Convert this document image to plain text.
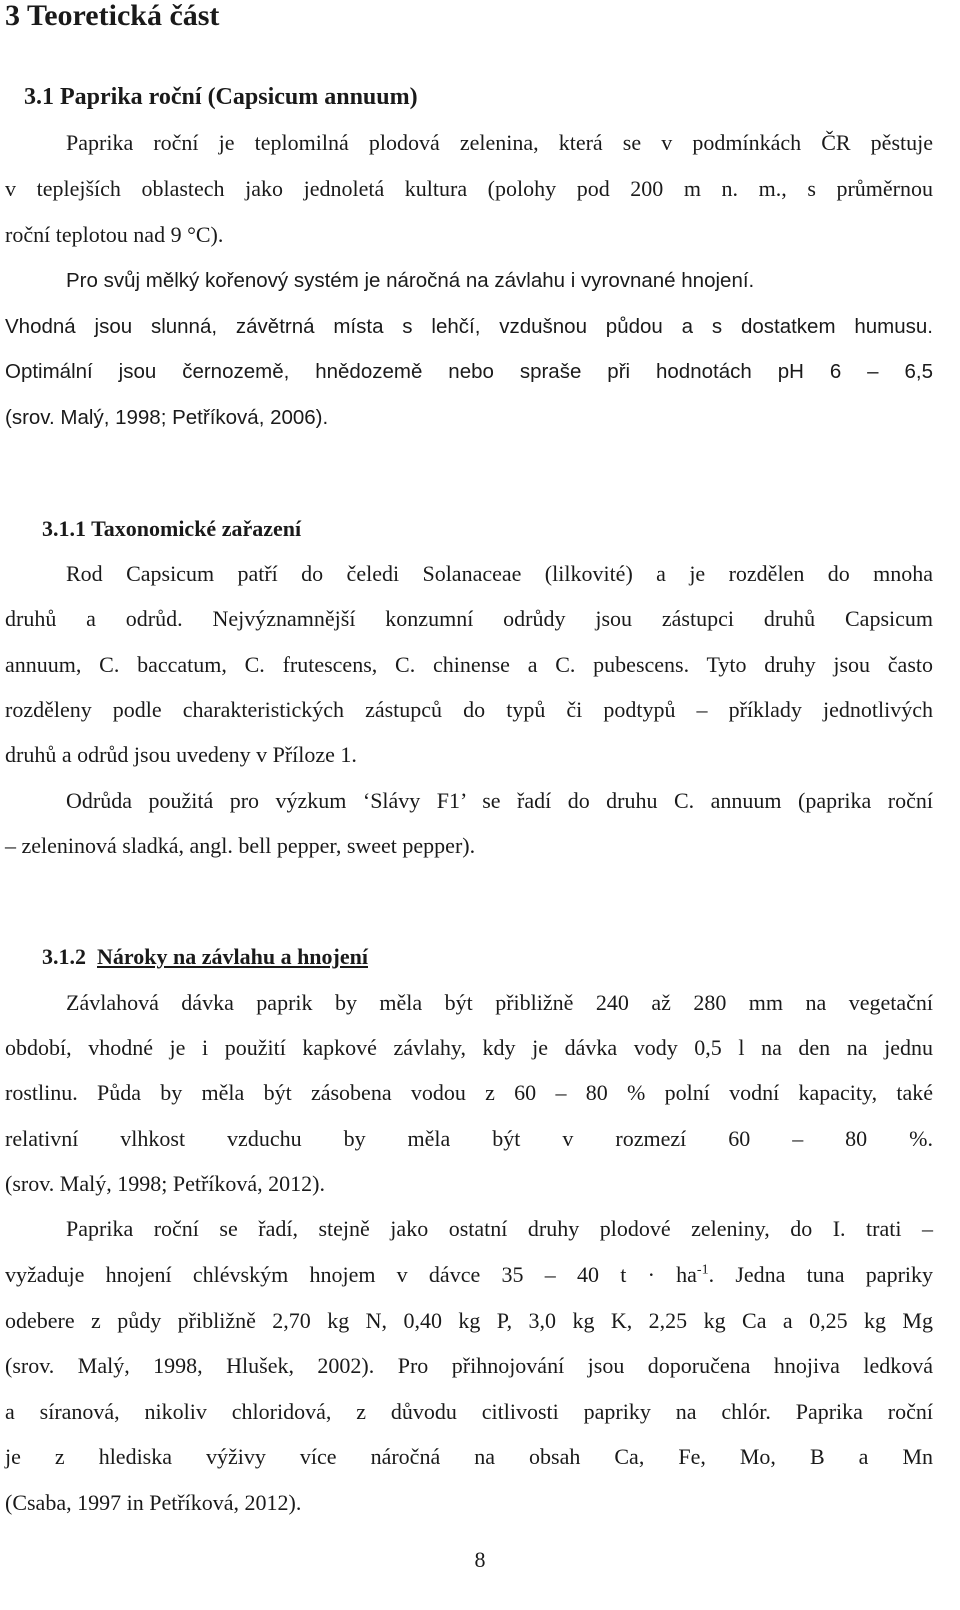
3 Teoretická část
3.1 Paprika roční (Capsicum annuum)
Paprika roční je teplomilná plodová zelenina, která se v podmínkách ČR pěstuje
v teplejších oblastech jako jednoletá kultura (polohy pod 200 m n. m., s průměrnou
roční teplotou nad 9 °C).
Pro svůj mělký kořenový systém je náročná na závlahu i vyrovnané hnojení.
Vhodná jsou slunná, závětrná místa s lehčí, vzdušnou půdou a s dostatkem humusu.
Optimální jsou černozemě, hnědozemě nebo spraše při hodnotách pH 6 – 6,5
(srov. Malý, 1998; Petříková, 2006).
3.1.1 Taxonomické zařazení
Rod Capsicum patří do čeledi Solanaceae (lilkovité) a je rozdělen do mnoha
druhů a odrůd. Nejvýznamnější konzumní odrůdy jsou zástupci druhů Capsicum
annuum, C. baccatum, C. frutescens, C. chinense a C. pubescens. Tyto druhy jsou často
rozděleny podle charakteristických zástupců do typů či podtypů – příklady jednotlivých
druhů a odrůd jsou uvedeny v Příloze 1.
Odrůda použitá pro výzkum ‘Slávy F1’ se řadí do druhu C. annuum (paprika roční
– zeleninová sladká, angl. bell pepper, sweet pepper).
3.1.2 Nároky na závlahu a hnojení
Závlahová dávka paprik by měla být přibližně 240 až 280 mm na vegetační
období, vhodné je i použití kapkové závlahy, kdy je dávka vody 0,5 l na den na jednu
rostlinu. Půda by měla být zásobena vodou z 60 – 80 % polní vodní kapacity, také
relativní vlhkost vzduchu by měla být v rozmezí 60 – 80 %.
(srov. Malý, 1998; Petříková, 2012).
Paprika roční se řadí, stejně jako ostatní druhy plodové zeleniny, do I. trati –
vyžaduje hnojení chlévským hnojem v dávce 35 – 40 $t \cdot ha^{-1}$. Jedna tuna papriky
odebere z půdy přibližně 2,70 kg N, 0,40 kg P, 3,0 kg K, 2,25 kg Ca a 0,25 kg Mg
(srov. Malý, 1998, Hlušek, 2002). Pro přihnojování jsou doporučena hnojiva ledková
a síranová, nikoliv chloridová, z důvodu citlivosti papriky na chlór. Paprika roční
je z hlediska výživy více náročná na obsah Ca, Fe, Mo, B a Mn
(Csaba, 1997 in Petříková, 2012).
8
